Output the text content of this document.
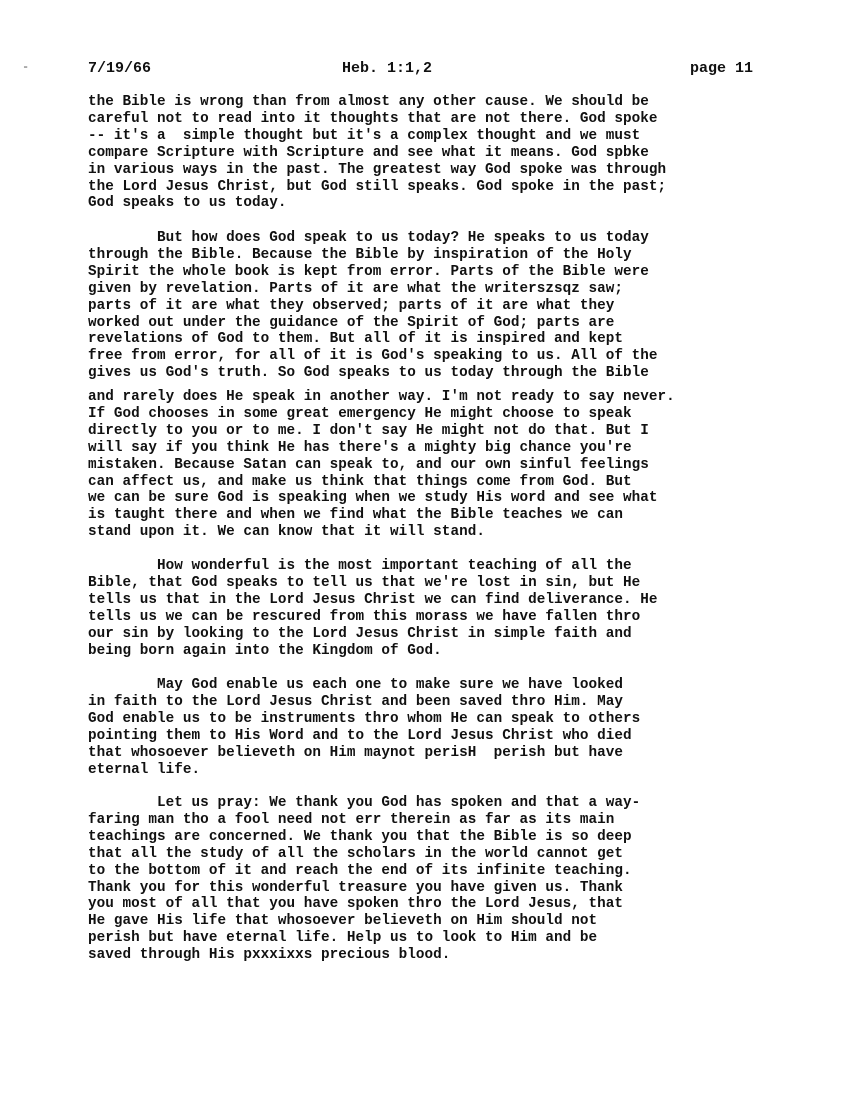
-	7/19/66	Heb. 1:1,2	page 11
the Bible is wrong than from almost any other cause. We should be
careful not to read into it thoughts that are not there. God spoke
-- it's a  simple thought but it's a complex thought and we must
compare Scripture with Scripture and see what it means. God spbke
in various ways in the past. The greatest way God spoke was through
the Lord Jesus Christ, but God still speaks. God spoke in the past;
God speaks to us today.
But how does God speak to us today? He speaks to us today
through the Bible. Because the Bible by inspiration of the Holy
Spirit the whole book is kept from error. Parts of the Bible were
given by revelation. Parts of it are what the writerszsqz saw;
parts of it are what they observed; parts of it are what they
worked out under the guidance of the Spirit of God; parts are
revelations of God to them. But all of it is inspired and kept
free from error, for all of it is God's speaking to us. All of the
gives us God's truth. So God speaks to us today through the Bible
and rarely does He speak in another way. I'm not ready to say never.
If God chooses in some great emergency He might choose to speak
directly to you or to me. I don't say He might not do that. But I
will say if you think He has there's a mighty big chance you're
mistaken. Because Satan can speak to, and our own sinful feelings
can affect us, and make us think that things come from God. But
we can be sure God is speaking when we study His word and see what
is taught there and when we find what the Bible teaches we can
stand upon it. We can know that it will stand.
How wonderful is the most important teaching of all the
Bible, that God speaks to tell us that we're lost in sin, but He
tells us that in the Lord Jesus Christ we can find deliverance. He
tells us we can be rescured from this morass we have fallen thro
our sin by looking to the Lord Jesus Christ in simple faith and
being born again into the Kingdom of God.
May God enable us each one to make sure we have looked
in faith to the Lord Jesus Christ and been saved thro Him. May
God enable us to be instruments thro whom He can speak to others
pointing them to His Word and to the Lord Jesus Christ who died
that whosoever believeth on Him maynot perisH  perish but have
eternal life.
Let us pray: We thank you God has spoken and that a way-
faring man tho a fool need not err therein as far as its main
teachings are concerned. We thank you that the Bible is so deep
that all the study of all the scholars in the world cannot get
to the bottom of it and reach the end of its infinite teaching.
Thank you for this wonderful treasure you have given us. Thank
you most of all that you have spoken thro the Lord Jesus, that
He gave His life that whosoever believeth on Him should not
perish but have eternal life. Help us to look to Him and be
saved through His pxxxixxs precious blood.
